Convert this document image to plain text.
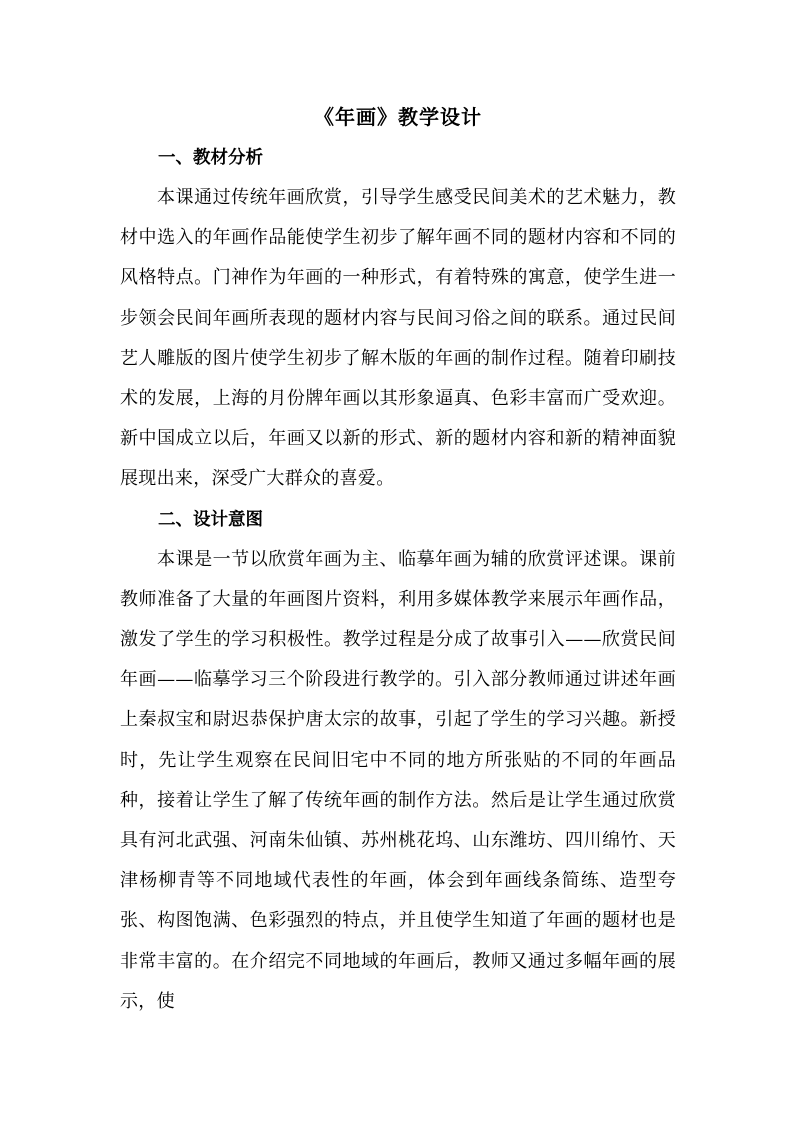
《年画》教学设计
一、教材分析

本课通过传统年画欣赏，引导学生感受民间美术的艺术魅力，教材中选入的年画作品能使学生初步了解年画不同的题材内容和不同的风格特点。门神作为年画的一种形式，有着特殊的寓意，使学生进一步领会民间年画所表现的题材内容与民间习俗之间的联系。通过民间艺人雕版的图片使学生初步了解木版的年画的制作过程。随着印刷技术的发展，上海的月份牌年画以其形象逼真、色彩丰富而广受欢迎。新中国成立以后，年画又以新的形式、新的题材内容和新的精神面貌展现出来，深受广大群众的喜爱。

二、设计意图

本课是一节以欣赏年画为主、临摹年画为辅的欣赏评述课。课前教师准备了大量的年画图片资料，利用多媒体教学来展示年画作品，激发了学生的学习积极性。教学过程是分成了故事引入——欣赏民间年画——临摹学习三个阶段进行教学的。引入部分教师通过讲述年画上秦叔宝和尉迟恭保护唐太宗的故事，引起了学生的学习兴趣。新授时，先让学生观察在民间旧宅中不同的地方所张贴的不同的年画品种，接着让学生了解了传统年画的制作方法。然后是让学生通过欣赏具有河北武强、河南朱仙镇、苏州桃花坞、山东潍坊、四川绵竹、天津杨柳青等不同地域代表性的年画，体会到年画线条简练、造型夸张、构图饱满、色彩强烈的特点，并且使学生知道了年画的题材也是非常丰富的。在介绍完不同地域的年画后，教师又通过多幅年画的展示，使
